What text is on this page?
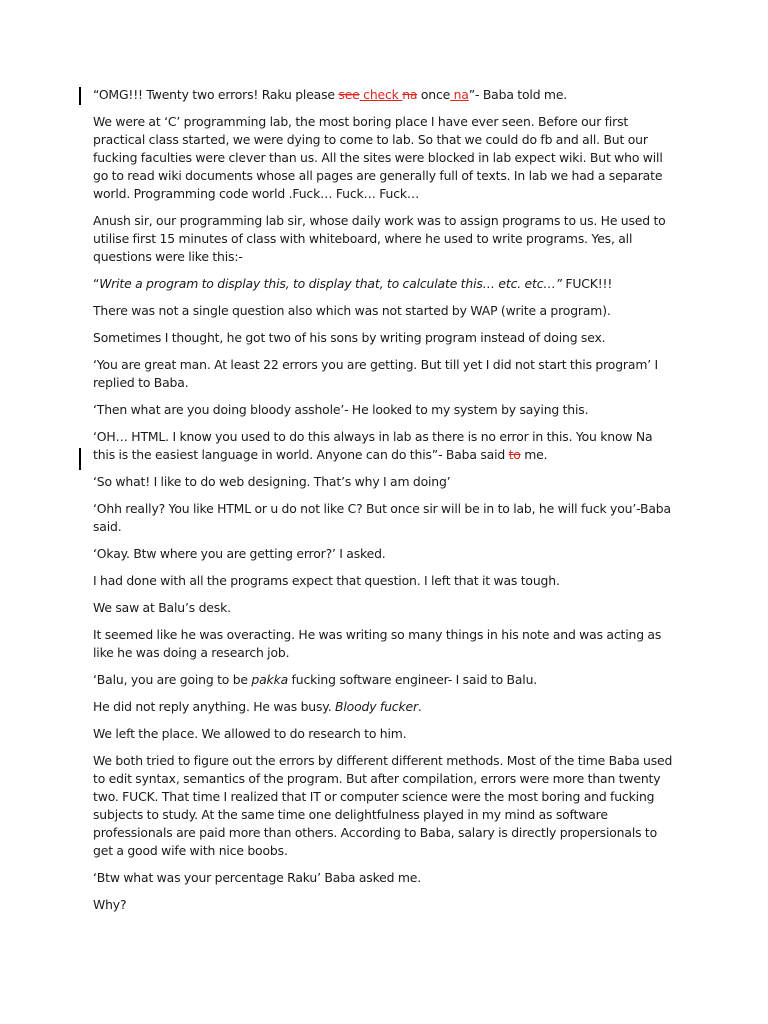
“OMG!!! Twenty two errors! Raku please see check na once na”- Baba told me.

We were at ‘C’ programming lab, the most boring place I have ever seen. Before our first practical class started, we were dying to come to lab. So that we could do fb and all. But our fucking faculties were clever than us. All the sites were blocked in lab expect wiki. But who will go to read wiki documents whose all pages are generally full of texts. In lab we had a separate world. Programming code world .Fuck… Fuck… Fuck…

Anush sir, our programming lab sir, whose daily work was to assign programs to us. He used to utilise first 15 minutes of class with whiteboard, where he used to write programs. Yes, all questions were like this:-

“Write a program to display this, to display that, to calculate this… etc. etc…” FUCK!!!

There was not a single question also which was not started by WAP (write a program).

Sometimes I thought, he got two of his sons by writing program instead of doing sex.

‘You are great man. At least 22 errors you are getting. But till yet I did not start this program’ I replied to Baba.

‘Then what are you doing bloody asshole’- He looked to my system by saying this.

‘OH… HTML. I know you used to do this always in lab as there is no error in this. You know Na this is the easiest language in world. Anyone can do this”- Baba said to me.

‘So what! I like to do web designing. That’s why I am doing’

‘Ohh really? You like HTML or u do not like C? But once sir will be in to lab, he will fuck you’-Baba said.

‘Okay. Btw where you are getting error?’ I asked.

I had done with all the programs expect that question. I left that it was tough.

We saw at Balu’s desk.

It seemed like he was overacting. He was writing so many things in his note and was acting as like he was doing a research job.

‘Balu, you are going to be pakka fucking software engineer- I said to Balu.

He did not reply anything. He was busy. Bloody fucker.

We left the place. We allowed to do research to him.

We both tried to figure out the errors by different different methods. Most of the time Baba used to edit syntax, semantics of the program. But after compilation, errors were more than twenty two. FUCK. That time I realized that IT or computer science were the most boring and fucking subjects to study. At the same time one delightfulness played in my mind as software professionals are paid more than others. According to Baba, salary is directly propersionals to get a good wife with nice boobs.

‘Btw what was your percentage Raku’ Baba asked me.

Why?
